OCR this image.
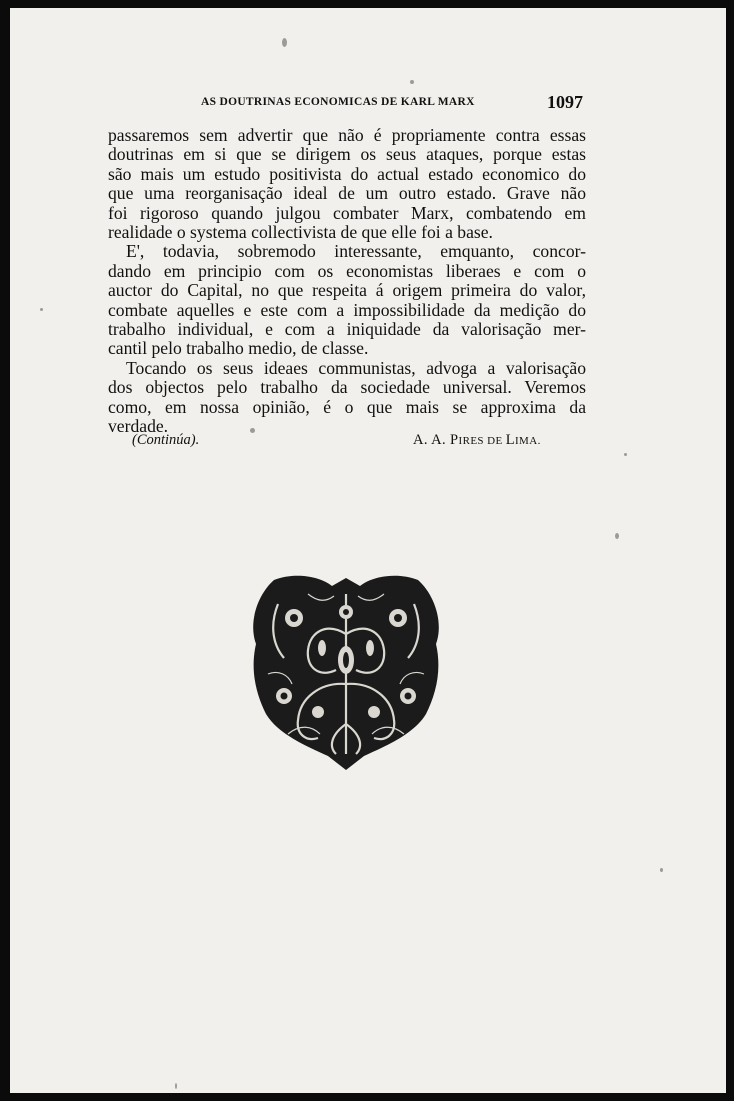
AS DOUTRINAS ECONOMICAS DE KARL MARX	1097
passaremos sem advertir que não é propriamente contra essas
doutrinas em si que se dirigem os seus ataques, porque estas
são mais um estudo positivista do actual estado economico do
que uma reorganisação ideal de um outro estado. Grave não
foi rigoroso quando julgou combater Marx, combatendo em
realidade o systema collectivista de que elle foi a base.
E', todavia, sobremodo interessante, emquanto, concor-
dando em principio com os economistas liberaes e com o
auctor do Capital, no que respeita á origem primeira do valor,
combate aquelles e este com a impossibilidade da medição do
trabalho individual, e com a iniquidade da valorisação mer-
cantil pelo trabalho medio, de classe.
Tocando os seus ideaes communistas, advoga a valorisação
dos objectos pelo trabalho da sociedade universal. Veremos
como, em nossa opinião, é o que mais se approxima da
verdade.
(Continúa).	A. A. PIRES DE LIMA.
